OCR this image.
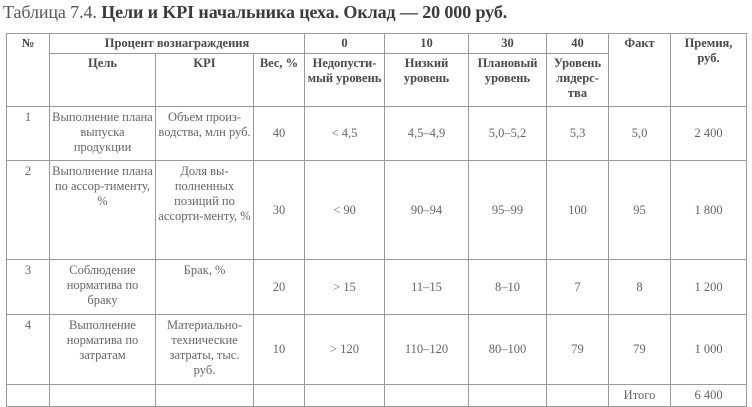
Таблица 7.4. Цели и KPI начальника цеха. Оклад — 20 000 руб.
№	Процент вознаграждения			0	10	30	40	Факт	Премия, руб.
	Цель	KPI	Вес, %	Недопусти-мый уровень	Низкий уровень	Плановый уровень	Уровень лидерс-тва		
1	Выполнение плана выпуска продукции	Объем произ-водства, млн руб.	40	< 4,5	4,5–4,9	5,0–5,2	5,3	5,0	2 400
2	Выполнение плана по ассор-тименту, %	Доля вы-полненных позиций по ассорти-менту, %	30	< 90	90–94	95–99	100	95	1 800
3	Соблюдение норматива по браку	Брак, %	20	> 15	11–15	8–10	7	8	1 200
4	Выполнение норматива по затратам	Материально-технические затраты, тыс. руб.	10	> 120	110–120	80–100	79	79	1 000
								Итого	6 400
